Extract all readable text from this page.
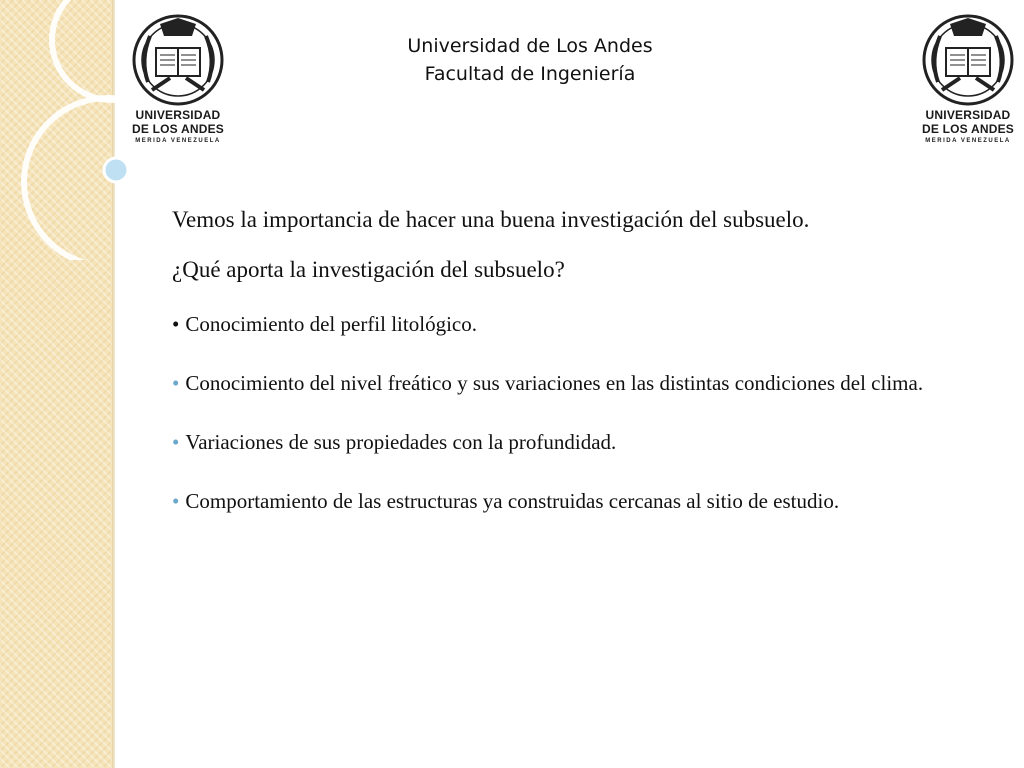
UNIVERSIDAD
DE LOS ANDES
MERIDA VENEZUELA
UNIVERSIDAD
DE LOS ANDES
MERIDA VENEZUELA
Universidad de Los Andes
Facultad de Ingeniería

Vemos la importancia de hacer una buena investigación del subsuelo.

¿Qué aporta la investigación del subsuelo?

• Conocimiento del perfil litológico.

• Conocimiento del nivel freático y sus variaciones en las distintas condiciones del clima.

• Variaciones de sus propiedades con la profundidad.

• Comportamiento de las estructuras ya construidas cercanas al sitio de estudio.
